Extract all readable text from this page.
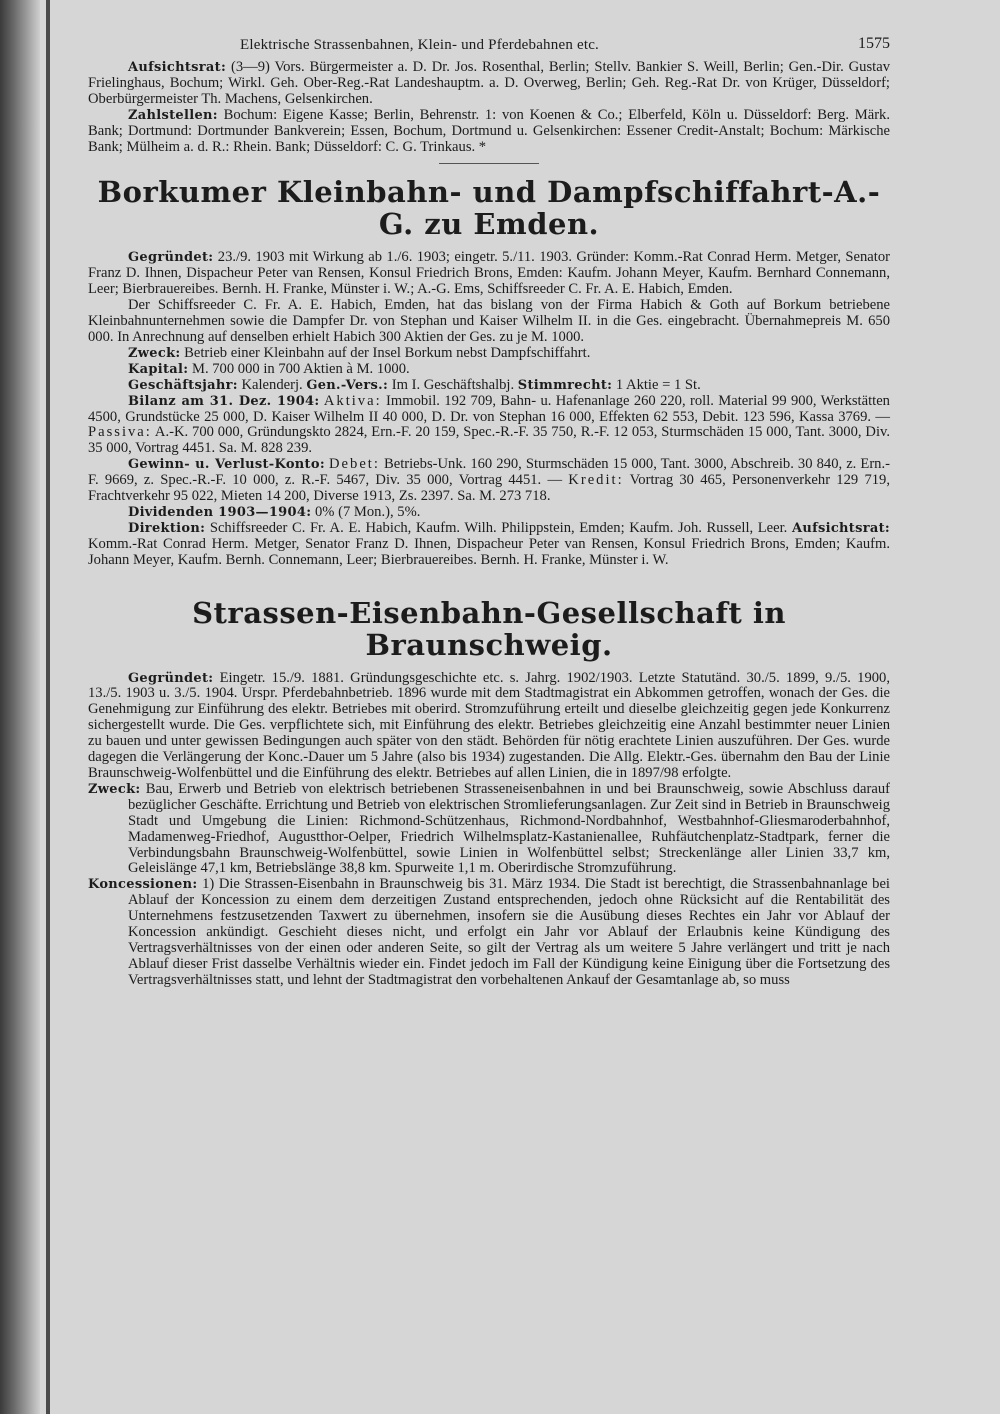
Elektrische Strassenbahnen, Klein- und Pferdebahnen etc.	1575

Aufsichtsrat: (3—9) Vors. Bürgermeister a. D. Dr. Jos. Rosenthal, Berlin; Stellv. Bankier S. Weill, Berlin; Gen.-Dir. Gustav Frielinghaus, Bochum; Wirkl. Geh. Ober-Reg.-Rat Landeshauptm. a. D. Overweg, Berlin; Geh. Reg.-Rat Dr. von Krüger, Düsseldorf; Oberbürgermeister Th. Machens, Gelsenkirchen.

Zahlstellen: Bochum: Eigene Kasse; Berlin, Behrenstr. 1: von Koenen & Co.; Elberfeld, Köln u. Düsseldorf: Berg. Märk. Bank; Dortmund: Dortmunder Bankverein; Essen, Bochum, Dortmund u. Gelsenkirchen: Essener Credit-Anstalt; Bochum: Märkische Bank; Mülheim a. d. R.: Rhein. Bank; Düsseldorf: C. G. Trinkaus. *

Borkumer Kleinbahn- und Dampfschiffahrt-A.-G. zu Emden.

Gegründet: 23./9. 1903 mit Wirkung ab 1./6. 1903; eingetr. 5./11. 1903. Gründer: Komm.-Rat Conrad Herm. Metger, Senator Franz D. Ihnen, Dispacheur Peter van Rensen, Konsul Friedrich Brons, Emden: Kaufm. Johann Meyer, Kaufm. Bernhard Connemann, Leer; Bierbrauereibes. Bernh. H. Franke, Münster i. W.; A.-G. Ems, Schiffsreeder C. Fr. A. E. Habich, Emden.

Der Schiffsreeder C. Fr. A. E. Habich, Emden, hat das bislang von der Firma Habich & Goth auf Borkum betriebene Kleinbahnunternehmen sowie die Dampfer Dr. von Stephan und Kaiser Wilhelm II. in die Ges. eingebracht. Übernahmepreis M. 650 000. In Anrechnung auf denselben erhielt Habich 300 Aktien der Ges. zu je M. 1000.

Zweck: Betrieb einer Kleinbahn auf der Insel Borkum nebst Dampfschiffahrt.

Kapital: M. 700 000 in 700 Aktien à M. 1000.

Geschäftsjahr: Kalenderj. Gen.-Vers.: Im I. Geschäftshalbj. Stimmrecht: 1 Aktie = 1 St.

Bilanz am 31. Dez. 1904: Aktiva: Immobil. 192 709, Bahn- u. Hafenanlage 260 220, roll. Material 99 900, Werkstätten 4500, Grundstücke 25 000, D. Kaiser Wilhelm II 40 000, D. Dr. von Stephan 16 000, Effekten 62 553, Debit. 123 596, Kassa 3769. — Passiva: A.-K. 700 000, Gründungsktо 2824, Ern.-F. 20 159, Spec.-R.-F. 35 750, R.-F. 12 053, Sturmschäden 15 000, Tant. 3000, Div. 35 000, Vortrag 4451. Sa. M. 828 239.

Gewinn- u. Verlust-Konto: Debet: Betriebs-Unk. 160 290, Sturmschäden 15 000, Tant. 3000, Abschreib. 30 840, z. Ern.-F. 9669, z. Spec.-R.-F. 10 000, z. R.-F. 5467, Div. 35 000, Vortrag 4451. — Kredit: Vortrag 30 465, Personenverkehr 129 719, Frachtverkehr 95 022, Mieten 14 200, Diverse 1913, Zs. 2397. Sa. M. 273 718.

Dividenden 1903—1904: 0% (7 Mon.), 5%.

Direktion: Schiffsreeder C. Fr. A. E. Habich, Kaufm. Wilh. Philippstein, Emden; Kaufm. Joh. Russell, Leer. Aufsichtsrat: Komm.-Rat Conrad Herm. Metger, Senator Franz D. Ihnen, Dispacheur Peter van Rensen, Konsul Friedrich Brons, Emden; Kaufm. Johann Meyer, Kaufm. Bernh. Connemann, Leer; Bierbrauereibes. Bernh. H. Franke, Münster i. W.

Strassen-Eisenbahn-Gesellschaft in Braunschweig.

Gegründet: Eingetr. 15./9. 1881. Gründungsgeschichte etc. s. Jahrg. 1902/1903. Letzte Statutänd. 30./5. 1899, 9./5. 1900, 13./5. 1903 u. 3./5. 1904. Urspr. Pferdebahnbetrieb. 1896 wurde mit dem Stadtmagistrat ein Abkommen getroffen, wonach der Ges. die Genehmigung zur Einführung des elektr. Betriebes mit oberird. Stromzuführung erteilt und dieselbe gleichzeitig gegen jede Konkurrenz sichergestellt wurde. Die Ges. verpflichtete sich, mit Einführung des elektr. Betriebes gleichzeitig eine Anzahl bestimmter neuer Linien zu bauen und unter gewissen Bedingungen auch später von den städt. Behörden für nötig erachtete Linien auszuführen. Der Ges. wurde dagegen die Verlängerung der Konc.-Dauer um 5 Jahre (also bis 1934) zugestanden. Die Allg. Elektr.-Ges. übernahm den Bau der Linie Braunschweig-Wolfenbüttel und die Einführung des elektr. Betriebes auf allen Linien, die in 1897/98 erfolgte.

Zweck: Bau, Erwerb und Betrieb von elektrisch betriebenen Strasseneisenbahnen in und bei Braunschweig, sowie Abschluss darauf bezüglicher Geschäfte. Errichtung und Betrieb von elektrischen Stromlieferungsanlagen. Zur Zeit sind in Betrieb in Braunschweig Stadt und Umgebung die Linien: Richmond-Schützenhaus, Richmond-Nordbahnhof, Westbahnhof-Gliesmaroderbahnhof, Madamenweg-Friedhof, Augustthor-Oelper, Friedrich Wilhelmsplatz-Kastanienallee, Ruhfäutchenplatz-Stadtpark, ferner die Verbindungsbahn Braunschweig-Wolfenbüttel, sowie Linien in Wolfenbüttel selbst; Streckenlänge aller Linien 33,7 km, Geleislänge 47,1 km, Betriebslänge 38,8 km. Spurweite 1,1 m. Oberirdische Stromzuführung.

Koncessionen: 1) Die Strassen-Eisenbahn in Braunschweig bis 31. März 1934. Die Stadt ist berechtigt, die Strassenbahnanlage bei Ablauf der Koncession zu einem dem derzeitigen Zustand entsprechenden, jedoch ohne Rücksicht auf die Rentabilität des Unternehmens festzusetzenden Taxwert zu übernehmen, insofern sie die Ausübung dieses Rechtes ein Jahr vor Ablauf der Koncession ankündigt. Geschieht dieses nicht, und erfolgt ein Jahr vor Ablauf der Erlaubnis keine Kündigung des Vertragsverhältnisses von der einen oder anderen Seite, so gilt der Vertrag als um weitere 5 Jahre verlängert und tritt je nach Ablauf dieser Frist dasselbe Verhältnis wieder ein. Findet jedoch im Fall der Kündigung keine Einigung über die Fortsetzung des Vertragsverhältnisses statt, und lehnt der Stadtmagistrat den vorbehaltenen Ankauf der Gesamtanlage ab, so muss
